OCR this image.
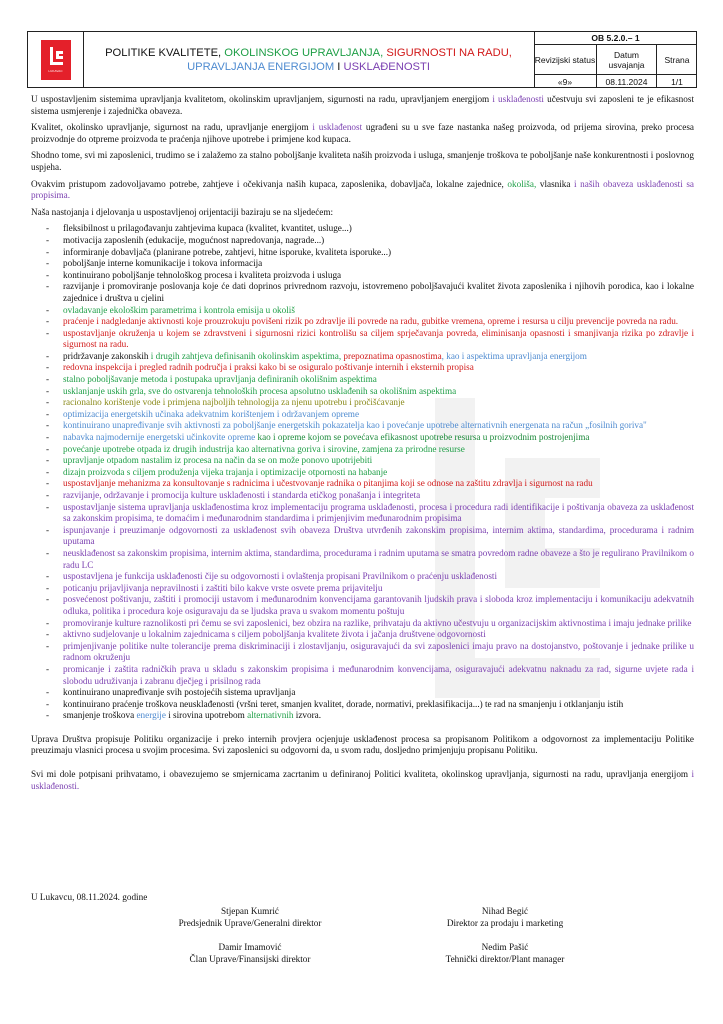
LUKAVAC
POLITIKE KVALITETE, OKOLINSKOG UPRAVLJANJA, SIGURNOSTI NA RADU,
UPRAVLJANJA ENERGIJOM I USKLAĐENOSTI
OB 5.2.0.– 1
Revizijski status	Datum usvajanja	Strana
«9»	08.11.2024	1/1

U uspostavljenim sistemima upravljanja kvalitetom, okolinskim upravljanjem, sigurnosti na radu, upravljanjem energijom i usklađenosti učestvuju svi zaposleni te je efikasnost sistema usmjerenje i zajednička obaveza.

Kvalitet, okolinsko upravljanje, sigurnost na radu, upravljanje energijom i usklađenost ugrađeni su u sve faze nastanka našeg proizvoda, od prijema sirovina, preko procesa proizvodnje do otpreme proizvoda te praćenja njihove upotrebe i primjene kod kupaca.

Shodno tome, svi mi zaposlenici, trudimo se i zalažemo za stalno poboljšanje kvaliteta naših proizvoda i usluga, smanjenje troškova te poboljšanje naše konkurentnosti i poslovnog uspjeha.

Ovakvim pristupom zadovoljavamo potrebe, zahtjeve i očekivanja naših kupaca, zaposlenika, dobavljača, lokalne zajednice, okoliša, vlasnika i naših obaveza usklađenosti sa propisima.

Naša nastojanja i djelovanja u uspostavljenoj orijentaciji baziraju se na sljedećem:

- fleksibilnost u prilagođavanju zahtjevima kupaca (kvalitet, kvantitet, usluge...)
- motivacija zaposlenih (edukacije, mogućnost napredovanja, nagrade...)
- informiranje dobavljača (planirane potrebe, zahtjevi, hitne isporuke, kvaliteta isporuke...)
- poboljšanje interne komunikacije i tokova informacija
- kontinuirano poboljšanje tehnološkog procesa i kvaliteta proizvoda i usluga
- razvijanje i promoviranje poslovanja koje će dati doprinos privrednom razvoju, istovremeno poboljšavajući kvalitet života zaposlenika i njihovih porodica, kao i lokalne zajednice i društva u cjelini
- ovladavanje ekološkim parametrima i kontrola emisija u okoliš
- praćenje i nadgledanje aktivnosti koje prouzrokuju povišeni rizik po zdravlje ili povrede na radu, gubitke vremena, opreme i resursa u cilju prevencije povreda na radu.
- uspostavljanje okruženja u kojem se zdravstveni i sigurnosni rizici kontrolišu sa ciljem sprječavanja povreda, eliminisanja opasnosti i smanjivanja rizika po zdravlje i sigurnost na radu.
- pridržavanje zakonskih i drugih zahtjeva definisanih okolinskim aspektima, prepoznatima opasnostima, kao i aspektima upravljanja energijom
- redovna inspekcija i pregled radnih područja i praksi kako bi se osiguralo poštivanje internih i eksternih propisa
- stalno poboljšavanje metoda i postupaka upravljanja definiranih okolišnim aspektima
- usklanjanje uskih grla, sve do ostvarenja tehnoloških procesa apsolutno usklađenih sa okolišnim aspektima
- racionalno korištenje vode i primjena najboljih tehnologija za njenu upotrebu i pročišćavanje
- optimizacija energetskih učinaka adekvatnim korištenjem i održavanjem opreme
- kontinuirano unapređivanje svih aktivnosti za poboljšanje energetskih pokazatelja kao i povećanje upotrebe alternativnih energenata na račun „fosilnih goriva"
- nabavka najmodernije energetski učinkovite opreme kao i opreme kojom se povećava efikasnost upotrebe resursa u proizvodnim postrojenjima
- povećanje upotrebe otpada iz drugih industrija kao alternativna goriva i sirovine, zamjena za prirodne resurse
- upravljanje otpadom nastalim iz procesa na način da se on može ponovo upotrijebiti
- dizajn proizvoda s ciljem produženja vijeka trajanja i optimizacije otpornosti na habanje
- uspostavljanje mehanizma za konsultovanje s radnicima i učestvovanje radnika o pitanjima koji se odnose na zaštitu zdravlja i sigurnost na radu
- razvijanje, održavanje i promocija kulture usklađenosti i standarda etičkog ponašanja i integriteta
- uspostavljanje sistema upravljanja usklađenostima kroz implementaciju programa usklađenosti, procesa i procedura radi identifikacije i poštivanja obaveza za usklađenost sa zakonskim propisima, te domaćim i međunarodnim standardima i primjenjivim međunarodnim propisima
- ispunjavanje i preuzimanje odgovornosti za usklađenost svih obaveza Društva utvrđenih zakonskim propisima, internim aktima, standardima, procedurama i radnim uputama
- neusklađenost sa zakonskim propisima, internim aktima, standardima, procedurama i radnim uputama se smatra povredom radne obaveze a što je regulirano Pravilnikom o radu LC
- uspostavljena je funkcija usklađenosti čije su odgovornosti i ovlaštenja propisani Pravilnikom o praćenju usklađenosti
- poticanju prijavljivanja nepravilnosti i zaštiti bilo kakve vrste osvete prema prijavitelju
- posvećenost poštivanju, zaštiti i promociji ustavom i međunarodnim konvencijama garantovanih ljudskih prava i sloboda kroz implementaciju i komunikaciju adekvatnih odluka, politika i procedura koje osiguravaju da se ljudska prava u svakom momentu poštuju
- promoviranje kulture raznolikosti pri čemu se svi zaposlenici, bez obzira na razlike, prihvataju da aktivno učestvuju u organizacijskim aktivnostima i imaju jednake prilike
- aktivno sudjelovanje u lokalnim zajednicama s ciljem poboljšanja kvalitete života i jačanja društvene odgovornosti
- primjenjivanje politike nulte tolerancije prema diskriminaciji i zlostavljanju, osiguravajući da svi zaposlenici imaju pravo na dostojanstvo, poštovanje i jednake prilike u radnom okruženju
- promicanje i zaštita radničkih prava u skladu s zakonskim propisima i međunarodnim konvencijama, osiguravajući adekvatnu naknadu za rad, sigurne uvjete rada i slobodu udruživanja i zabranu dječjeg i prisilnog rada
- kontinuirano unapređivanje svih postojećih sistema upravljanja
- kontinuirano praćenje troškova neusklađenosti (vršni teret, smanjen kvalitet, dorade, normativi, preklasifikacija...) te rad na smanjenju i otklanjanju istih
- smanjenje troškova energije i sirovina upotrebom alternativnih izvora.

Uprava Društva propisuje Politiku organizacije i preko internih provjera ocjenjuje usklađenost procesa sa propisanom Politikom a odgovornost za implementaciju Politike preuzimaju vlasnici procesa u svojim procesima. Svi zaposlenici su odgovorni da, u svom radu, dosljedno primjenjuju propisanu Politiku.

Svi mi dole potpisani prihvatamo, i obavezujemo se smjernicama zacrtanim u definiranoj Politici kvaliteta, okolinskog upravljanja, sigurnosti na radu, upravljanja energijom i usklađenosti.

U Lukavcu, 08.11.2024. godine
Stjepan Kumrić
Predsjednik Uprave/Generalni direktor
Nihad Begić
Direktor za prodaju i marketing
Damir Imamović
Član Uprave/Finansijski direktor
Nedim Pašić
Tehnički direktor/Plant manager
